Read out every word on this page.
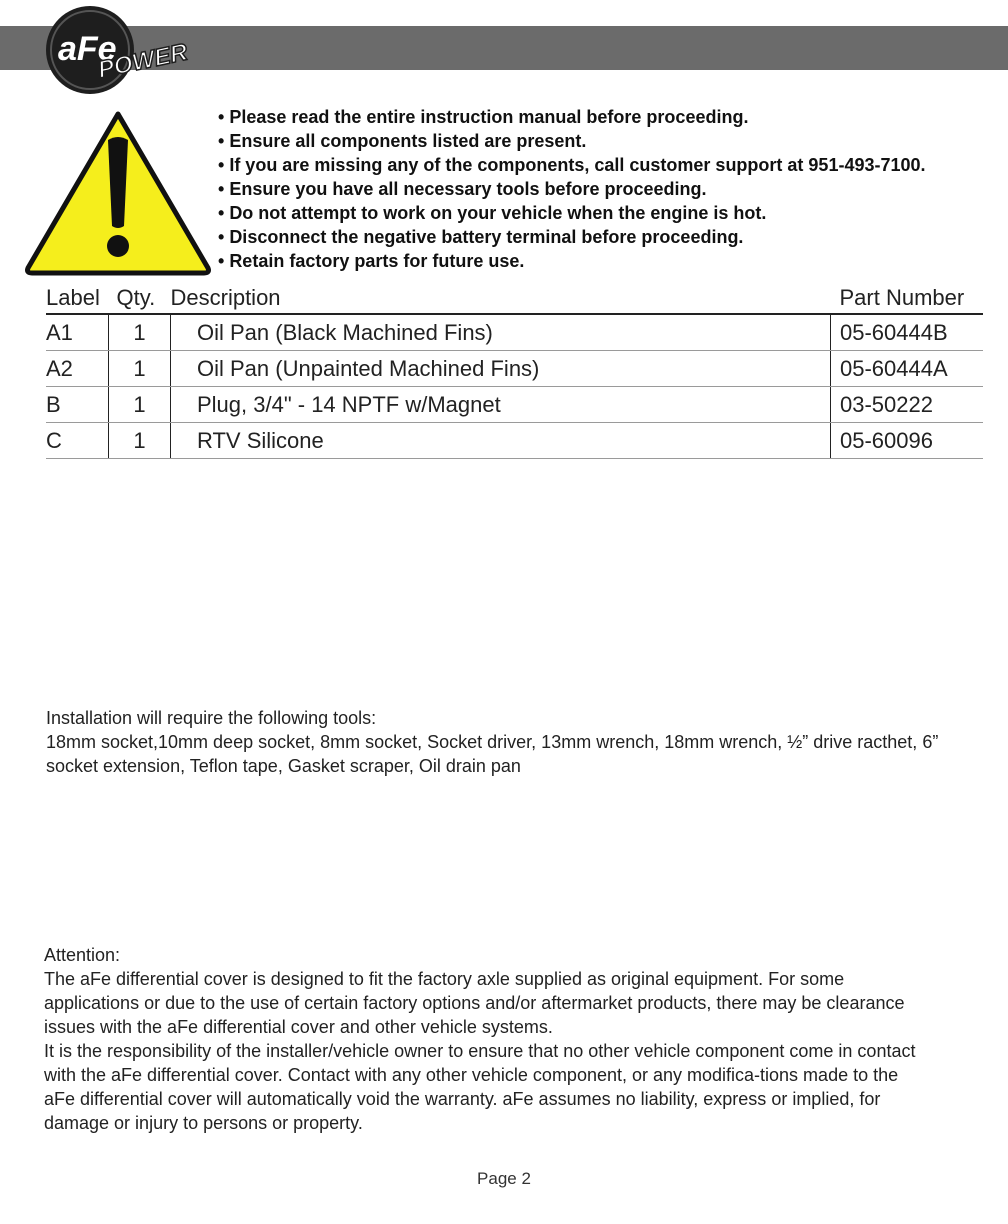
aFe
POWER
• Please read the entire instruction manual before proceeding.
• Ensure all components listed are present.
• If you are missing any of the components, call customer support at 951-493-7100.
• Ensure you have all necessary tools before proceeding.
• Do not attempt to work on your vehicle when the engine is hot.
• Disconnect the negative battery terminal before proceeding.
• Retain factory parts for future use.
Label	Qty.	Description	Part Number
A1	1	Oil Pan (Black Machined Fins)	05-60444B
A2	1	Oil Pan (Unpainted Machined Fins)	05-60444A
B	1	Plug, 3/4" - 14 NPTF w/Magnet	03-50222
C	1	RTV Silicone	05-60096

Installation will require the following tools:

18mm socket,10mm deep socket, 8mm socket, Socket driver, 13mm wrench, 18mm wrench, ½” drive racthet, 6” socket extension, Teflon tape, Gasket scraper, Oil drain pan

Attention:

The aFe differential cover is designed to fit the factory axle supplied as original equipment. For some applications or due to the use of certain factory options and/or aftermarket products, there may be clearance issues with the aFe differential cover and other vehicle systems.

It is the responsibility of the installer/vehicle owner to ensure that no other vehicle component come in contact with the aFe differential cover. Contact with any other vehicle component, or any modifica-tions made to the aFe differential cover will automatically void the warranty. aFe assumes no liability, express or implied, for damage or injury to persons or property.

Page 2
